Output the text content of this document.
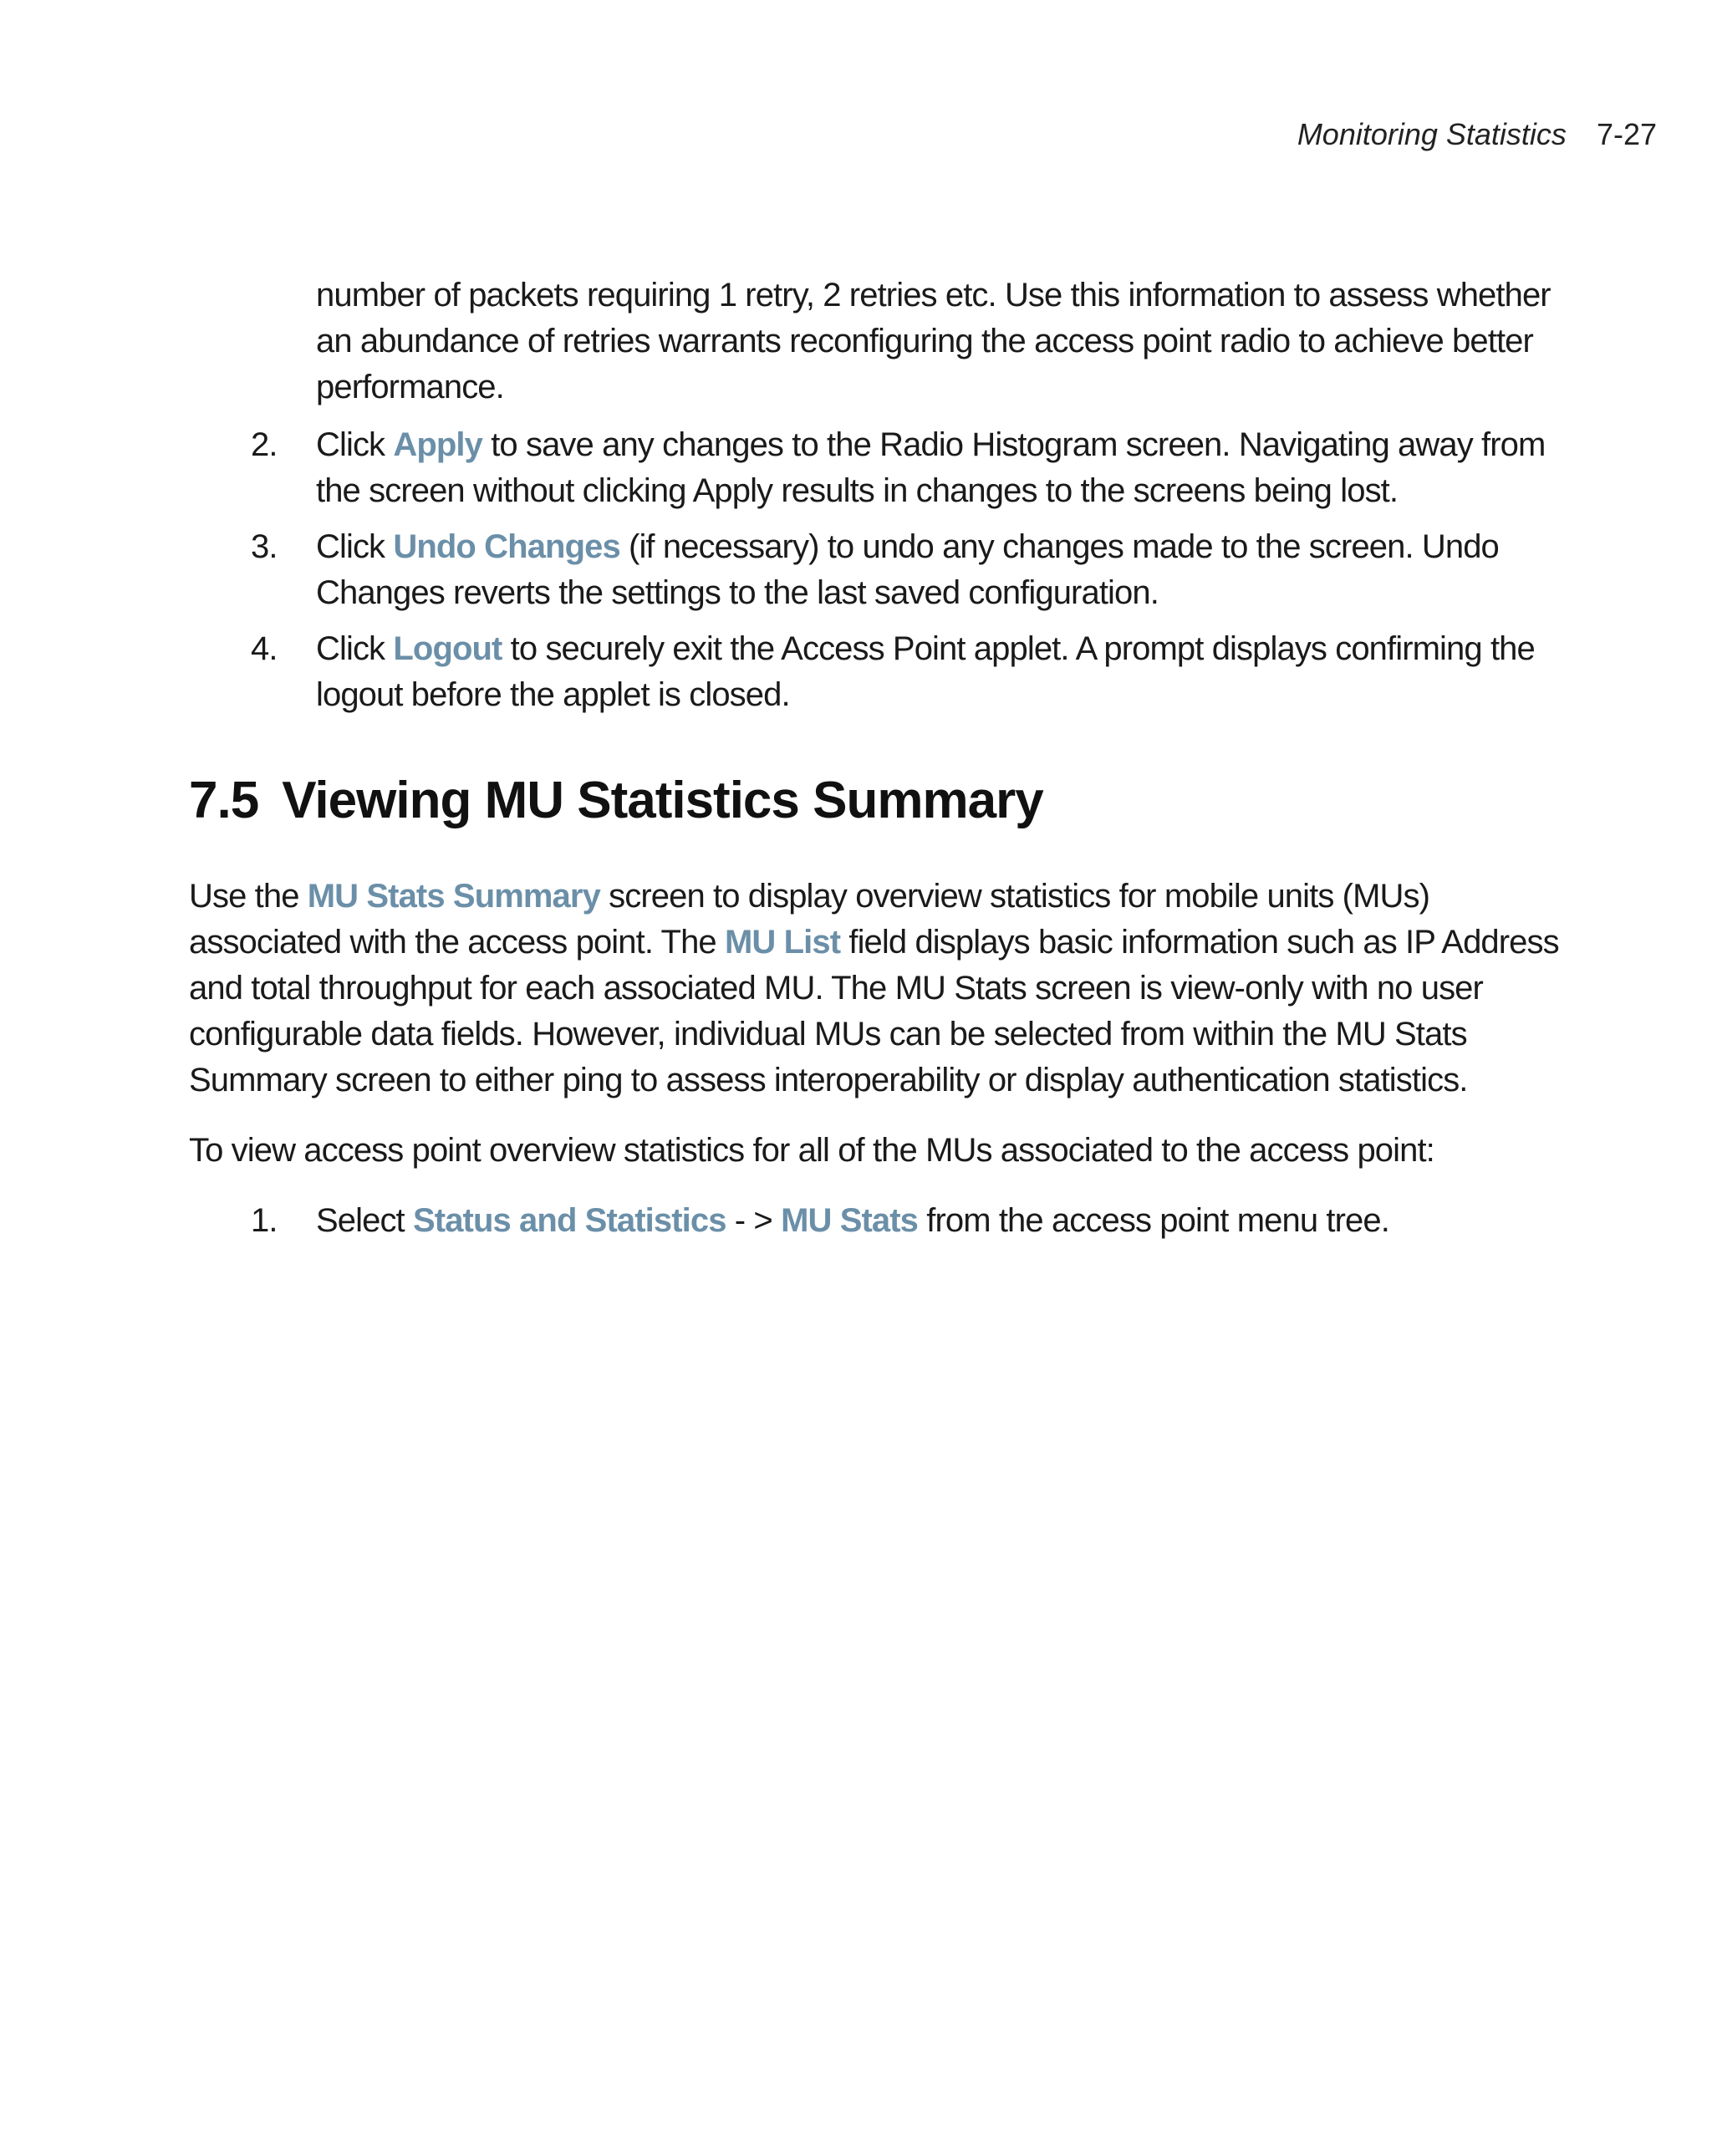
Monitoring Statistics 7-27

number of packets requiring 1 retry, 2 retries etc. Use this information to assess whether an abundance of retries warrants reconfiguring the access point radio to achieve better performance.

2. Click Apply to save any changes to the Radio Histogram screen. Navigating away from the screen without clicking Apply results in changes to the screens being lost.
3. Click Undo Changes (if necessary) to undo any changes made to the screen. Undo Changes reverts the settings to the last saved configuration.
4. Click Logout to securely exit the Access Point applet. A prompt displays confirming the logout before the applet is closed.
7.5 Viewing MU Statistics Summary

Use the MU Stats Summary screen to display overview statistics for mobile units (MUs) associated with the access point. The MU List field displays basic information such as IP Address and total throughput for each associated MU. The MU Stats screen is view-only with no user configurable data fields. However, individual MUs can be selected from within the MU Stats Summary screen to either ping to assess interoperability or display authentication statistics.

To view access point overview statistics for all of the MUs associated to the access point:

1. Select Status and Statistics - > MU Stats from the access point menu tree.
